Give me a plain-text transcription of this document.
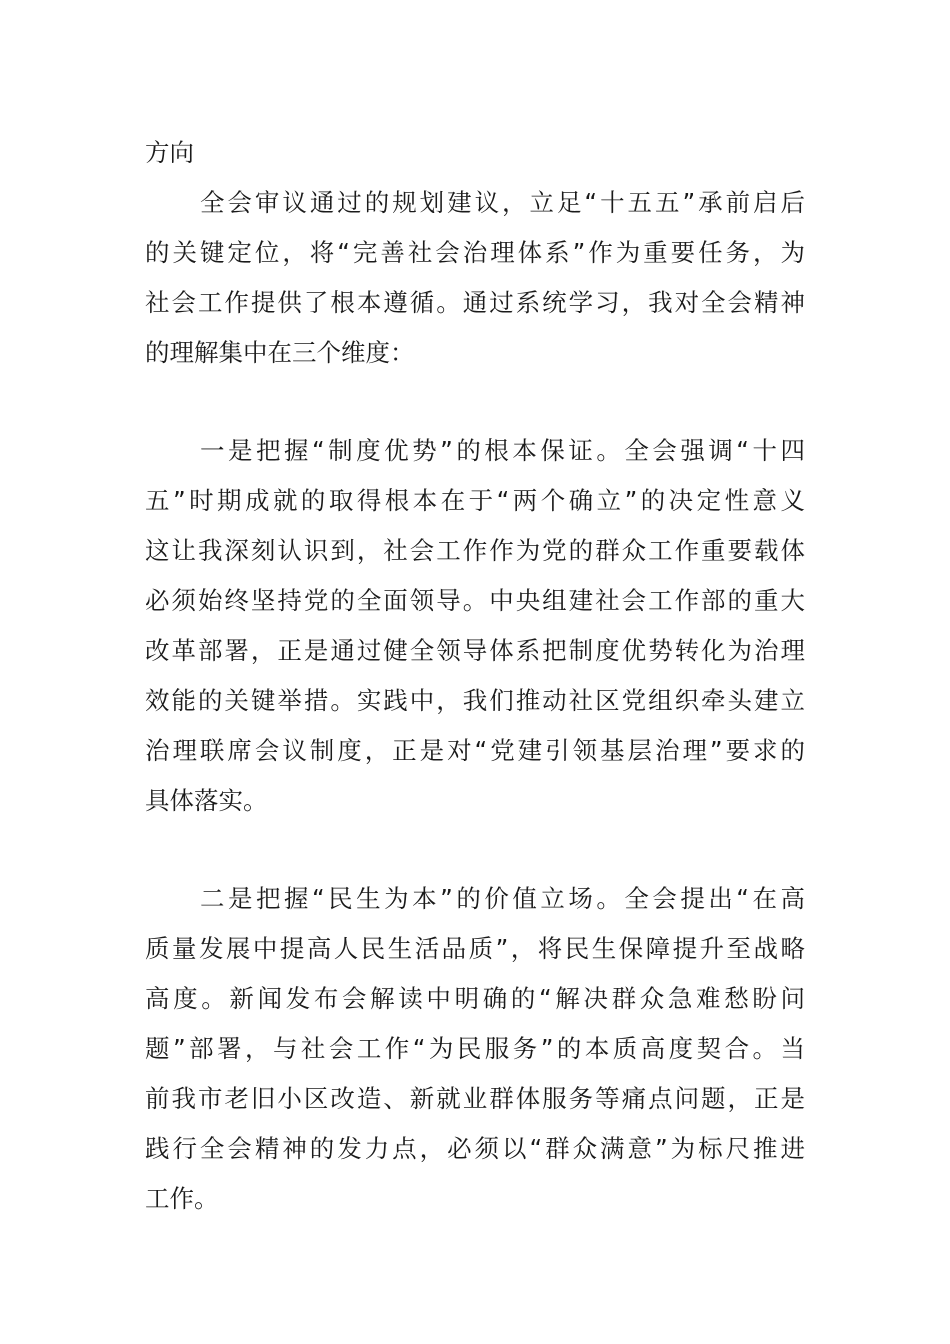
方向

全会审议通过的规划建议，立足“十五五”承前启后

的关键定位，将“完善社会治理体系”作为重要任务，为

社会工作提供了根本遵循。通过系统学习，我对全会精神

的理解集中在三个维度：

一是把握“制度优势”的根本保证。全会强调“十四

五”时期成就的取得根本在于“两个确立”的决定性意义

这让我深刻认识到，社会工作作为党的群众工作重要载体

必须始终坚持党的全面领导。中央组建社会工作部的重大

改革部署，正是通过健全领导体系把制度优势转化为治理

效能的关键举措。实践中，我们推动社区党组织牵头建立

治理联席会议制度，正是对“党建引领基层治理”要求的

具体落实。

二是把握“民生为本”的价值立场。全会提出“在高

质量发展中提高人民生活品质”，将民生保障提升至战略

高度。新闻发布会解读中明确的“解决群众急难愁盼问

题”部署，与社会工作“为民服务”的本质高度契合。当

前我市老旧小区改造、新就业群体服务等痛点问题，正是

践行全会精神的发力点，必须以“群众满意”为标尺推进

工作。
